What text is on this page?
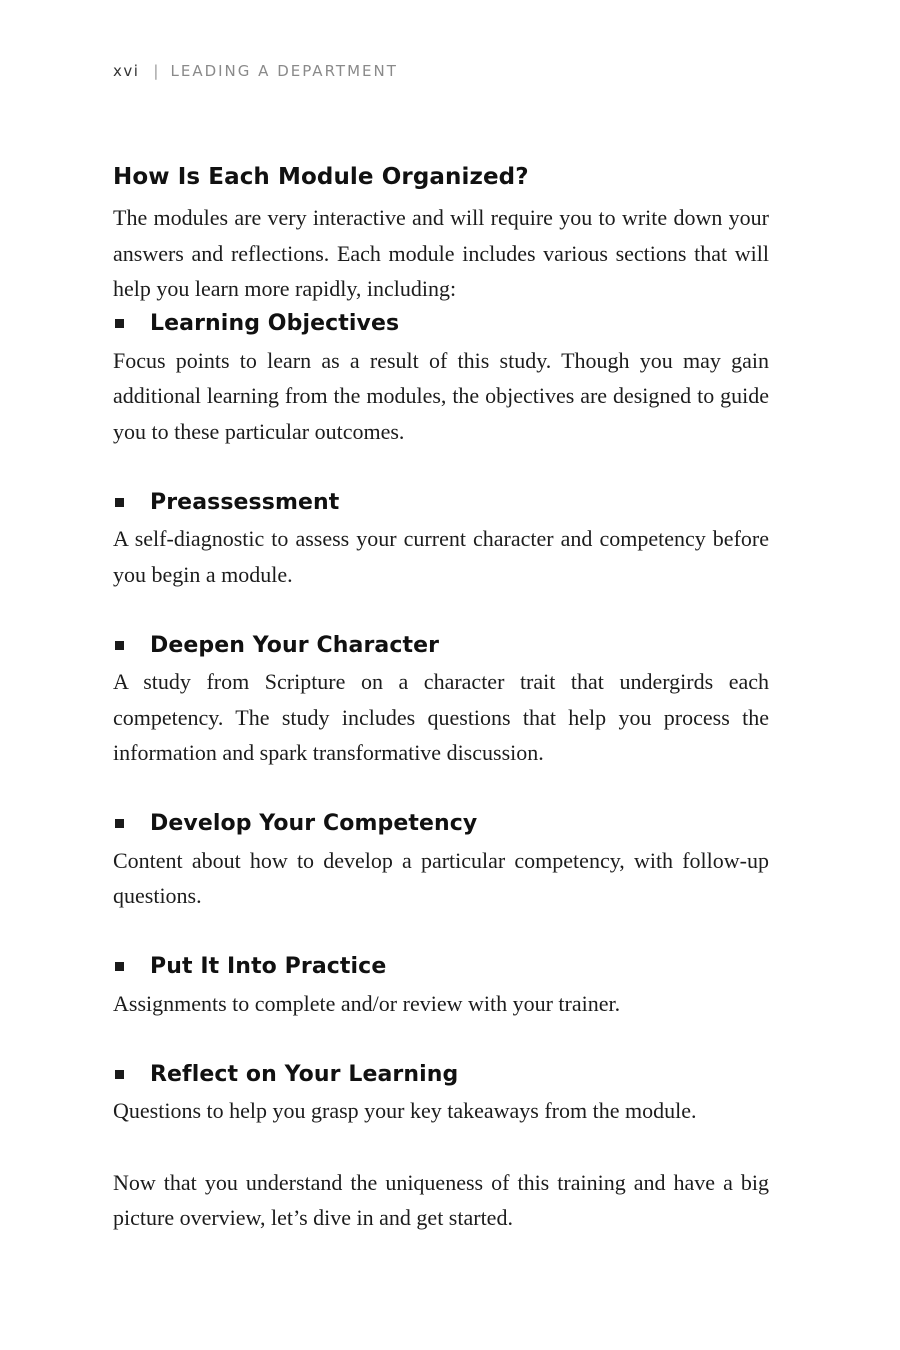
xvi | LEADING A DEPARTMENT
How Is Each Module Organized?

The modules are very interactive and will require you to write down your answers and reflections. Each module includes various sections that will help you learn more rapidly, including:

Learning Objectives

Focus points to learn as a result of this study. Though you may gain additional learning from the modules, the objectives are designed to guide you to these particular outcomes.

Preassessment

A self-diagnostic to assess your current character and competency before you begin a module.

Deepen Your Character

A study from Scripture on a character trait that undergirds each competency. The study includes questions that help you process the information and spark transformative discussion.

Develop Your Competency

Content about how to develop a particular competency, with follow-up questions.

Put It Into Practice

Assignments to complete and/or review with your trainer.

Reflect on Your Learning

Questions to help you grasp your key takeaways from the module.

Now that you understand the uniqueness of this training and have a big picture overview, let’s dive in and get started.
